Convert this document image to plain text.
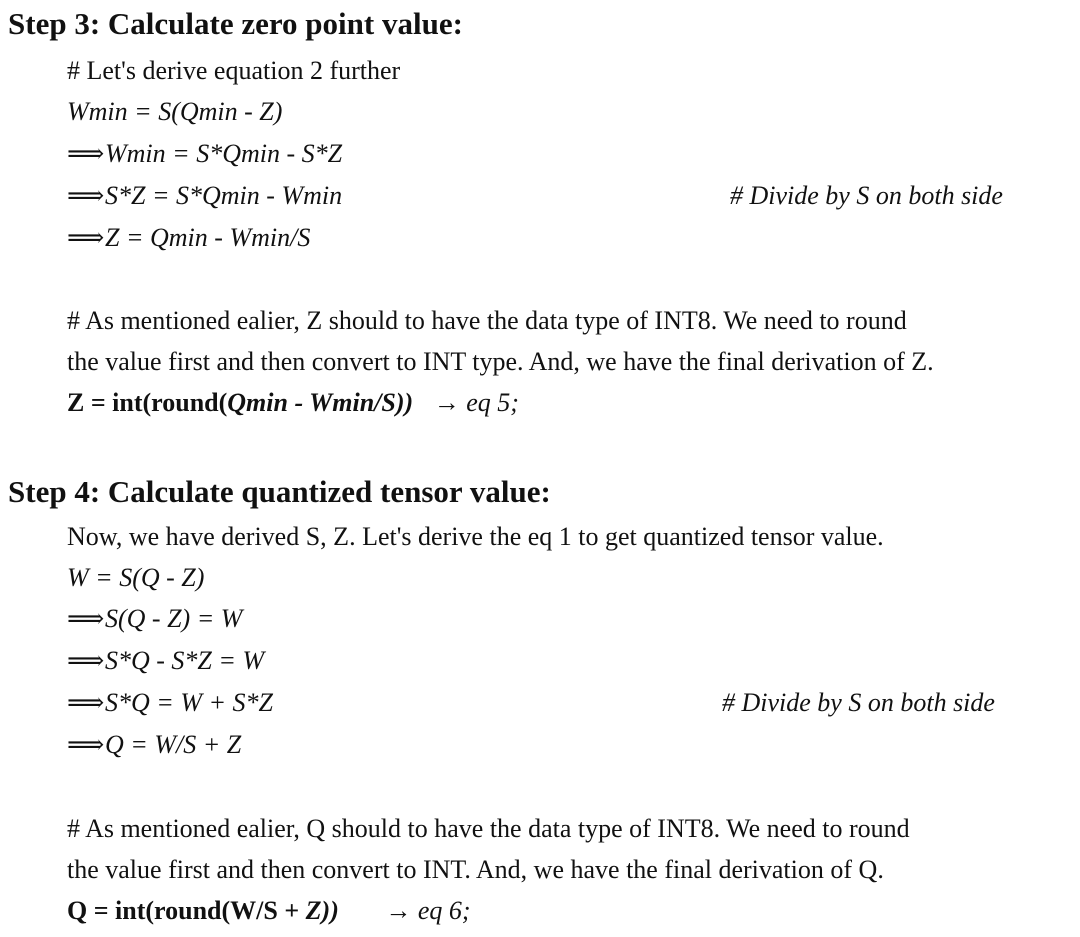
Step 3: Calculate zero point value:
# Let's derive equation 2 further
Wmin = S(Qmin - Z)
⟹Wmin = S*Qmin - S*Z
⟹S*Z = S*Qmin - Wmin	# Divide by S on both side
⟹Z = Qmin - Wmin/S
# As mentioned ealier, Z should to have the data type of INT8. We need to round
the value first and then convert to INT type. And, we have the final derivation of Z.
Z = int(round(Qmin - Wmin/S)) → eq 5;
Step 4: Calculate quantized tensor value:
Now, we have derived S, Z. Let's derive the eq 1 to get quantized tensor value.
W = S(Q - Z)
⟹S(Q - Z) = W
⟹S*Q - S*Z = W
⟹S*Q = W + S*Z	# Divide by S on both side
⟹Q = W/S + Z
# As mentioned ealier, Q should to have the data type of INT8. We need to round
the value first and then convert to INT. And, we have the final derivation of Q.
Q = int(round(W/S + Z)) → eq 6;
